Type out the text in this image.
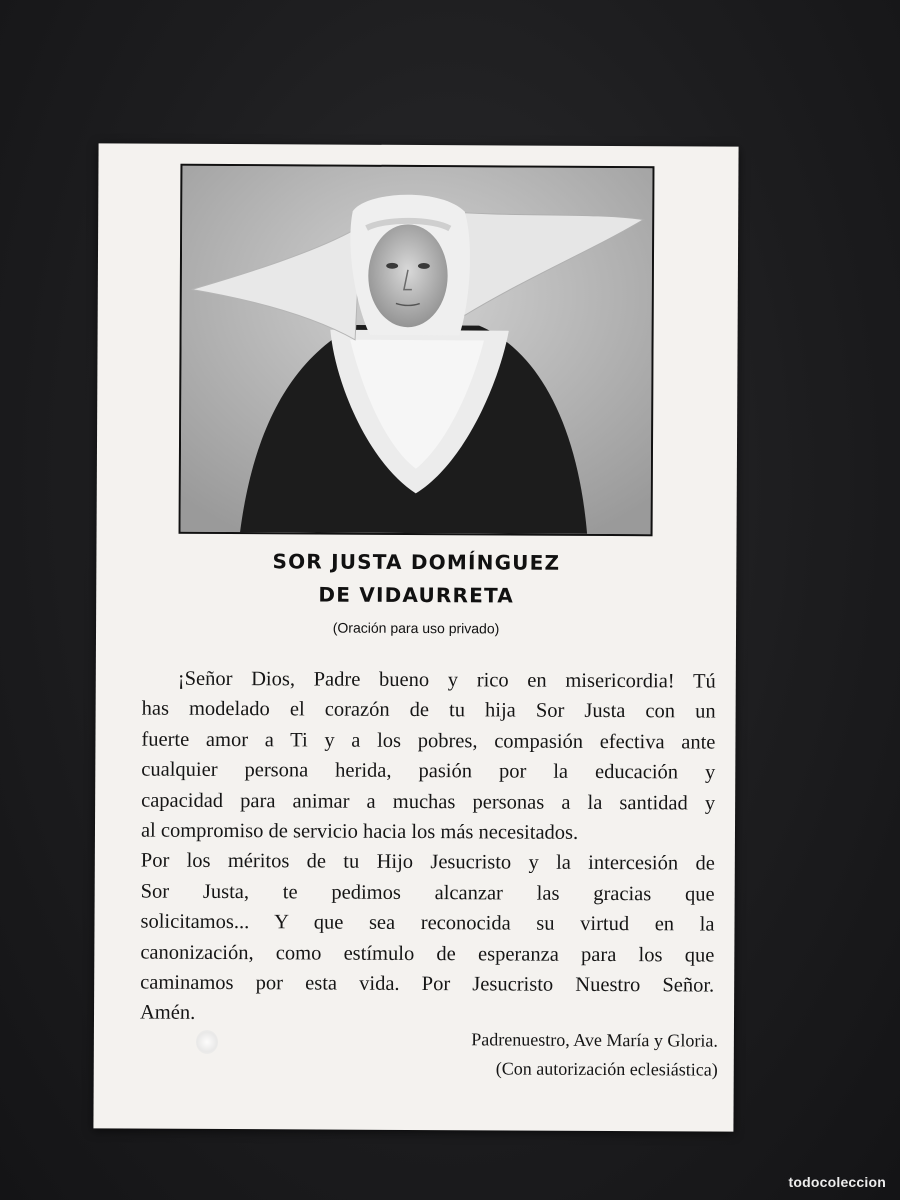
SOR JUSTA DOMÍNGUEZ
DE VIDAURRETA
(Oración para uso privado)
¡Señor Dios, Padre bueno y rico en misericordia! Tú
has modelado el corazón de tu hija Sor Justa con un
fuerte amor a Ti y a los pobres, compasión efectiva ante
cualquier persona herida, pasión por la educación y
capacidad para animar a muchas personas a la santidad y
al compromiso de servicio hacia los más necesitados.
Por los méritos de tu Hijo Jesucristo y la intercesión de
Sor Justa, te pedimos alcanzar las gracias que
solicitamos... Y que sea reconocida su virtud en la
canonización, como estímulo de esperanza para los que
caminamos por esta vida. Por Jesucristo Nuestro Señor.
Amén.
Padrenuestro, Ave María y Gloria.
(Con autorización eclesiástica)
todocoleccion
